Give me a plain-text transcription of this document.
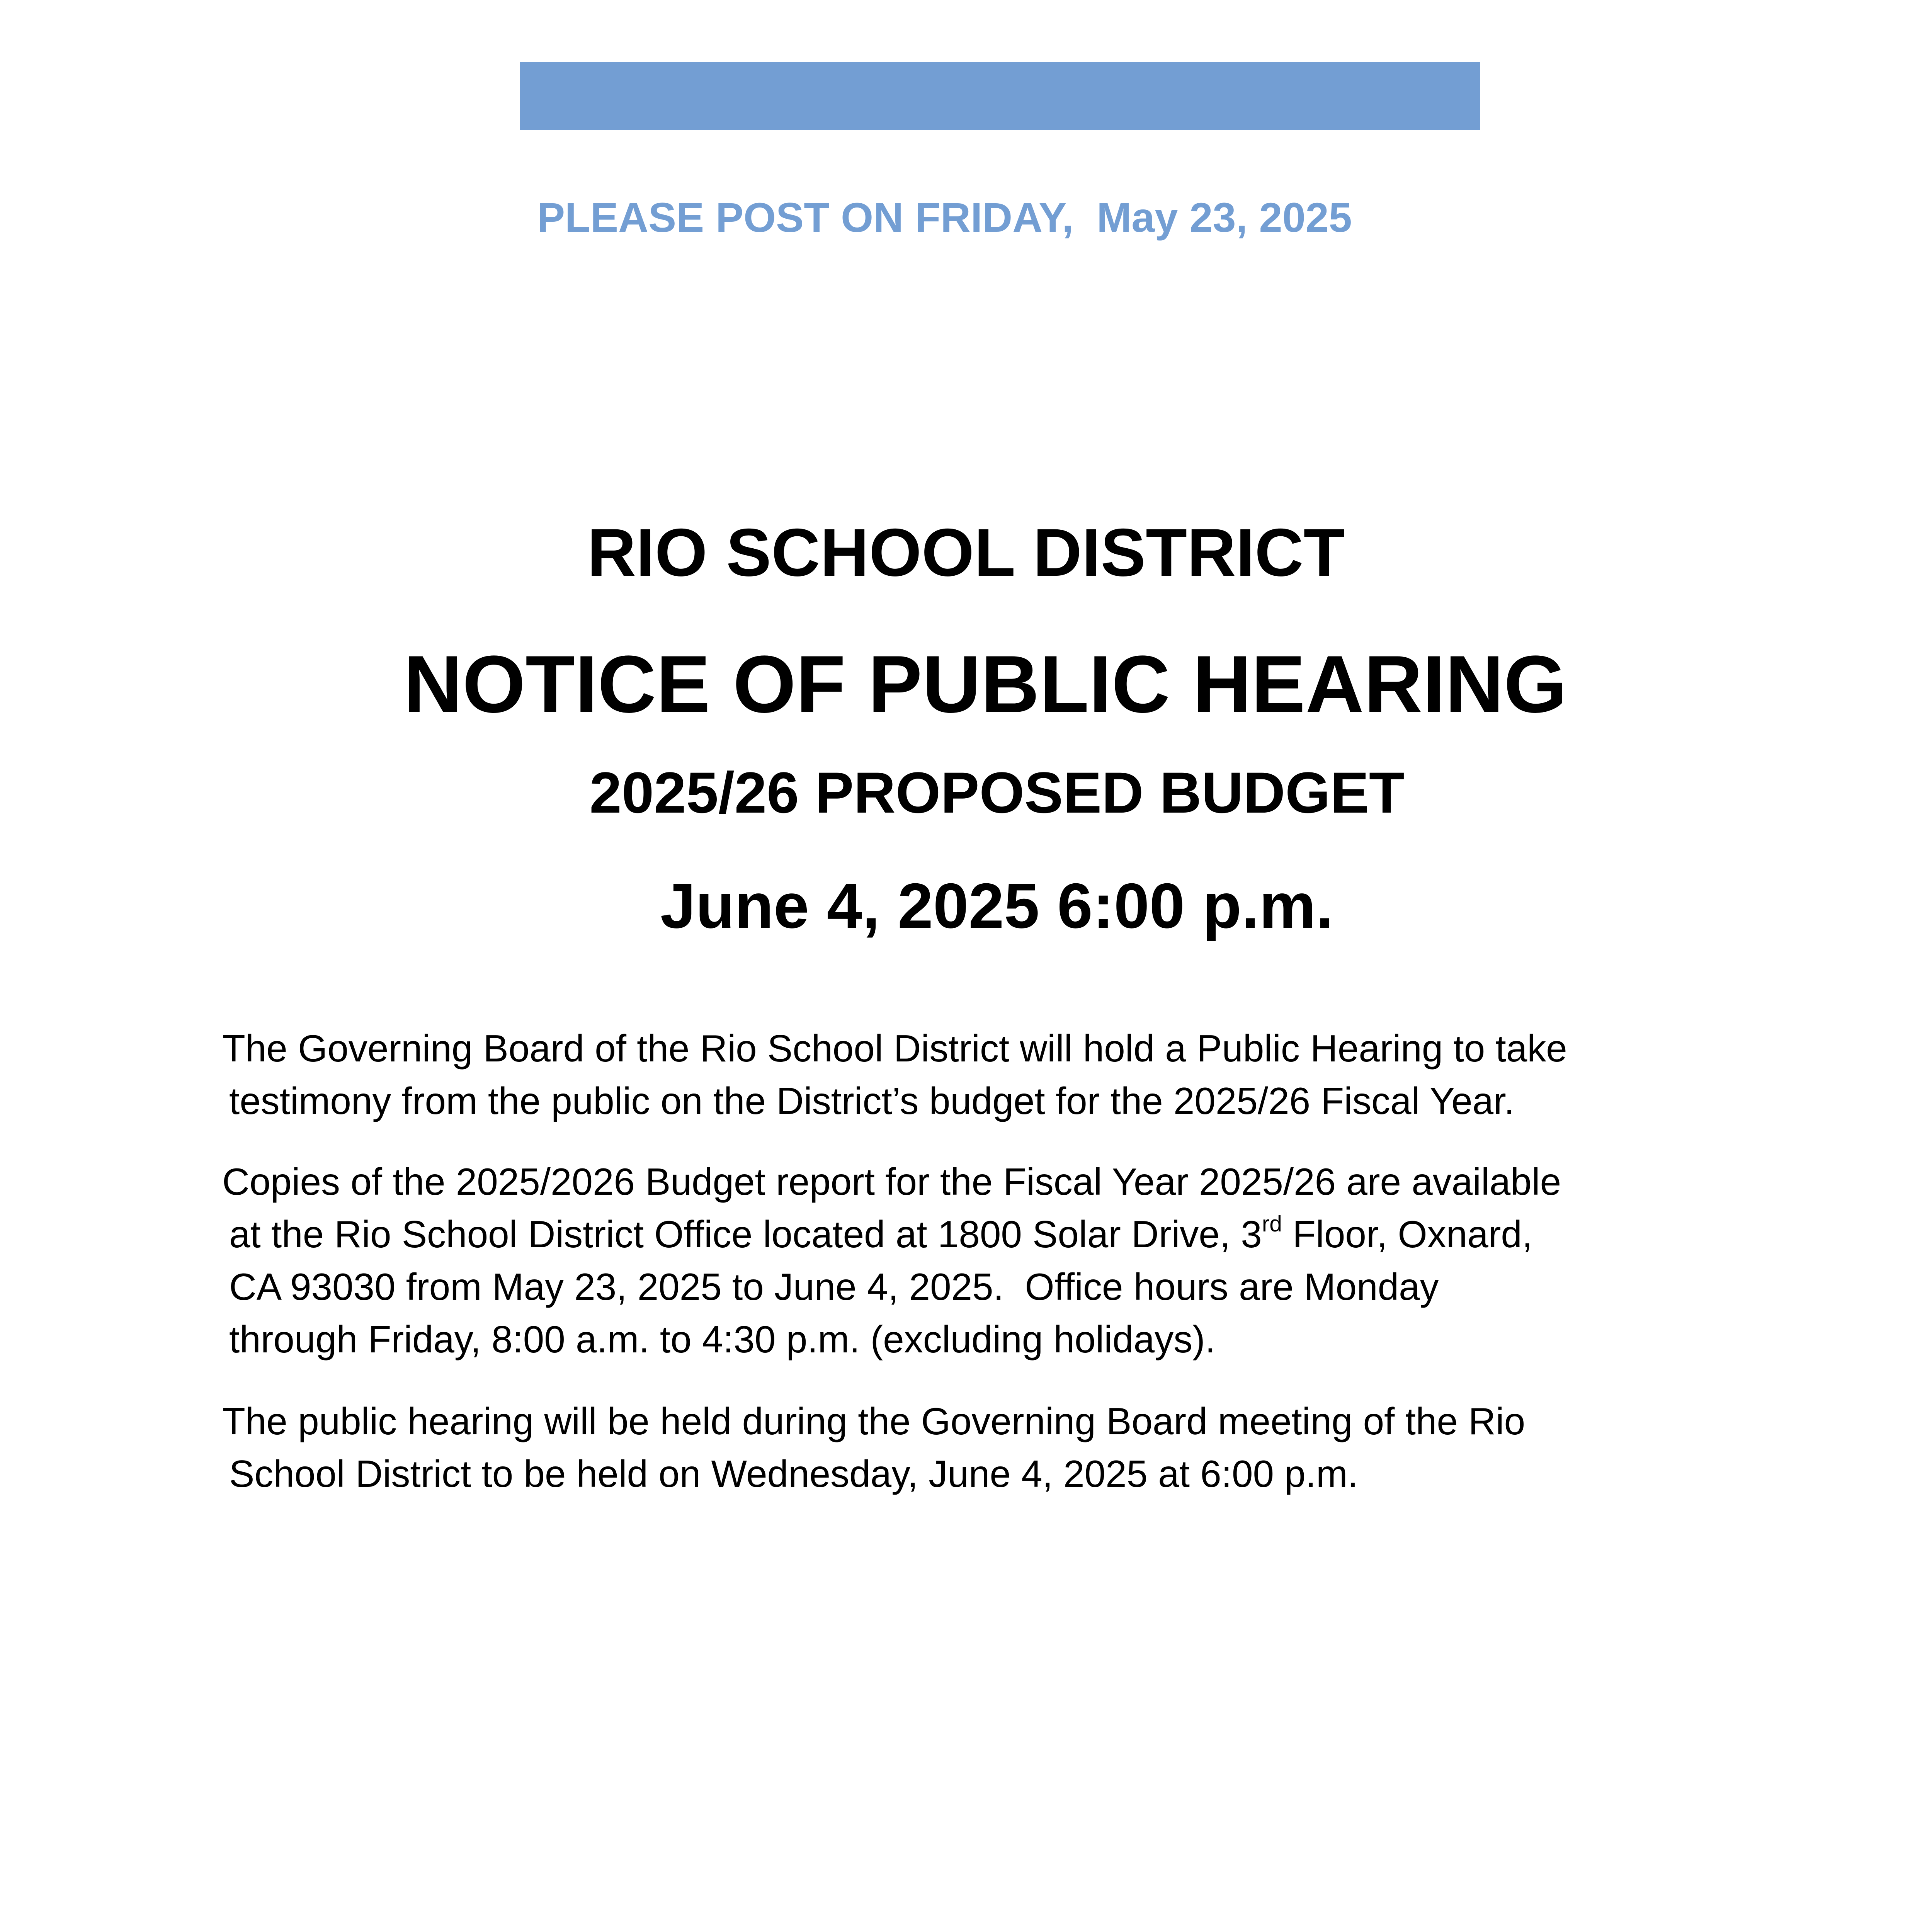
PLEASE POST ON FRIDAY,  May 23, 2025
RIO SCHOOL DISTRICT
NOTICE OF PUBLIC HEARING
2025/26 PROPOSED BUDGET
June 4, 2025 6:00 p.m.
The Governing Board of the Rio School District will hold a Public Hearing to take
testimony from the public on the District’s budget for the 2025/26 Fiscal Year.
Copies of the 2025/2026 Budget report for the Fiscal Year 2025/26 are available
at the Rio School District Office located at 1800 Solar Drive, 3rd Floor, Oxnard,
CA 93030 from May 23, 2025 to June 4, 2025.  Office hours are Monday
through Friday, 8:00 a.m. to 4:30 p.m. (excluding holidays).
The public hearing will be held during the Governing Board meeting of the Rio
School District to be held on Wednesday, June 4, 2025 at 6:00 p.m.
